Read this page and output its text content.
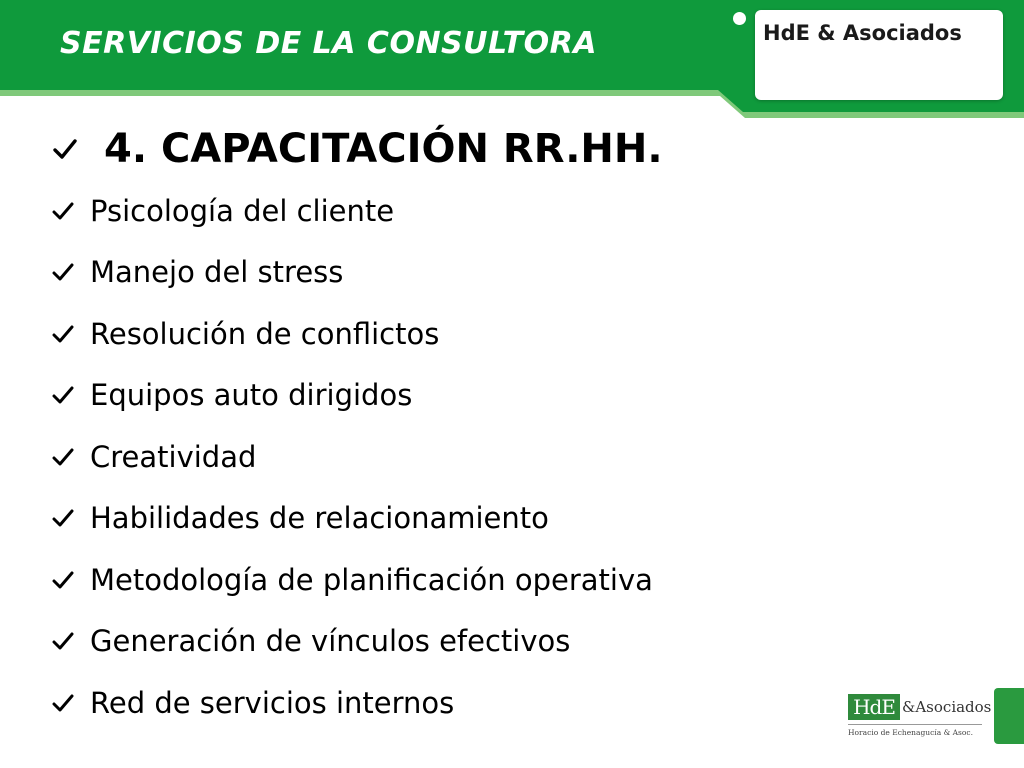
SERVICIOS DE LA CONSULTORA	HdE & Asociados
4. CAPACITACIÓN RR.HH.
Psicología del cliente
Manejo del stress
Resolución de conflictos
Equipos auto dirigidos
Creatividad
Habilidades de relacionamiento
Metodología de planificación operativa
Generación de vínculos efectivos
Red de servicios internos	HdE &Asociados
Horacio de Echenagucía & Asoc.
